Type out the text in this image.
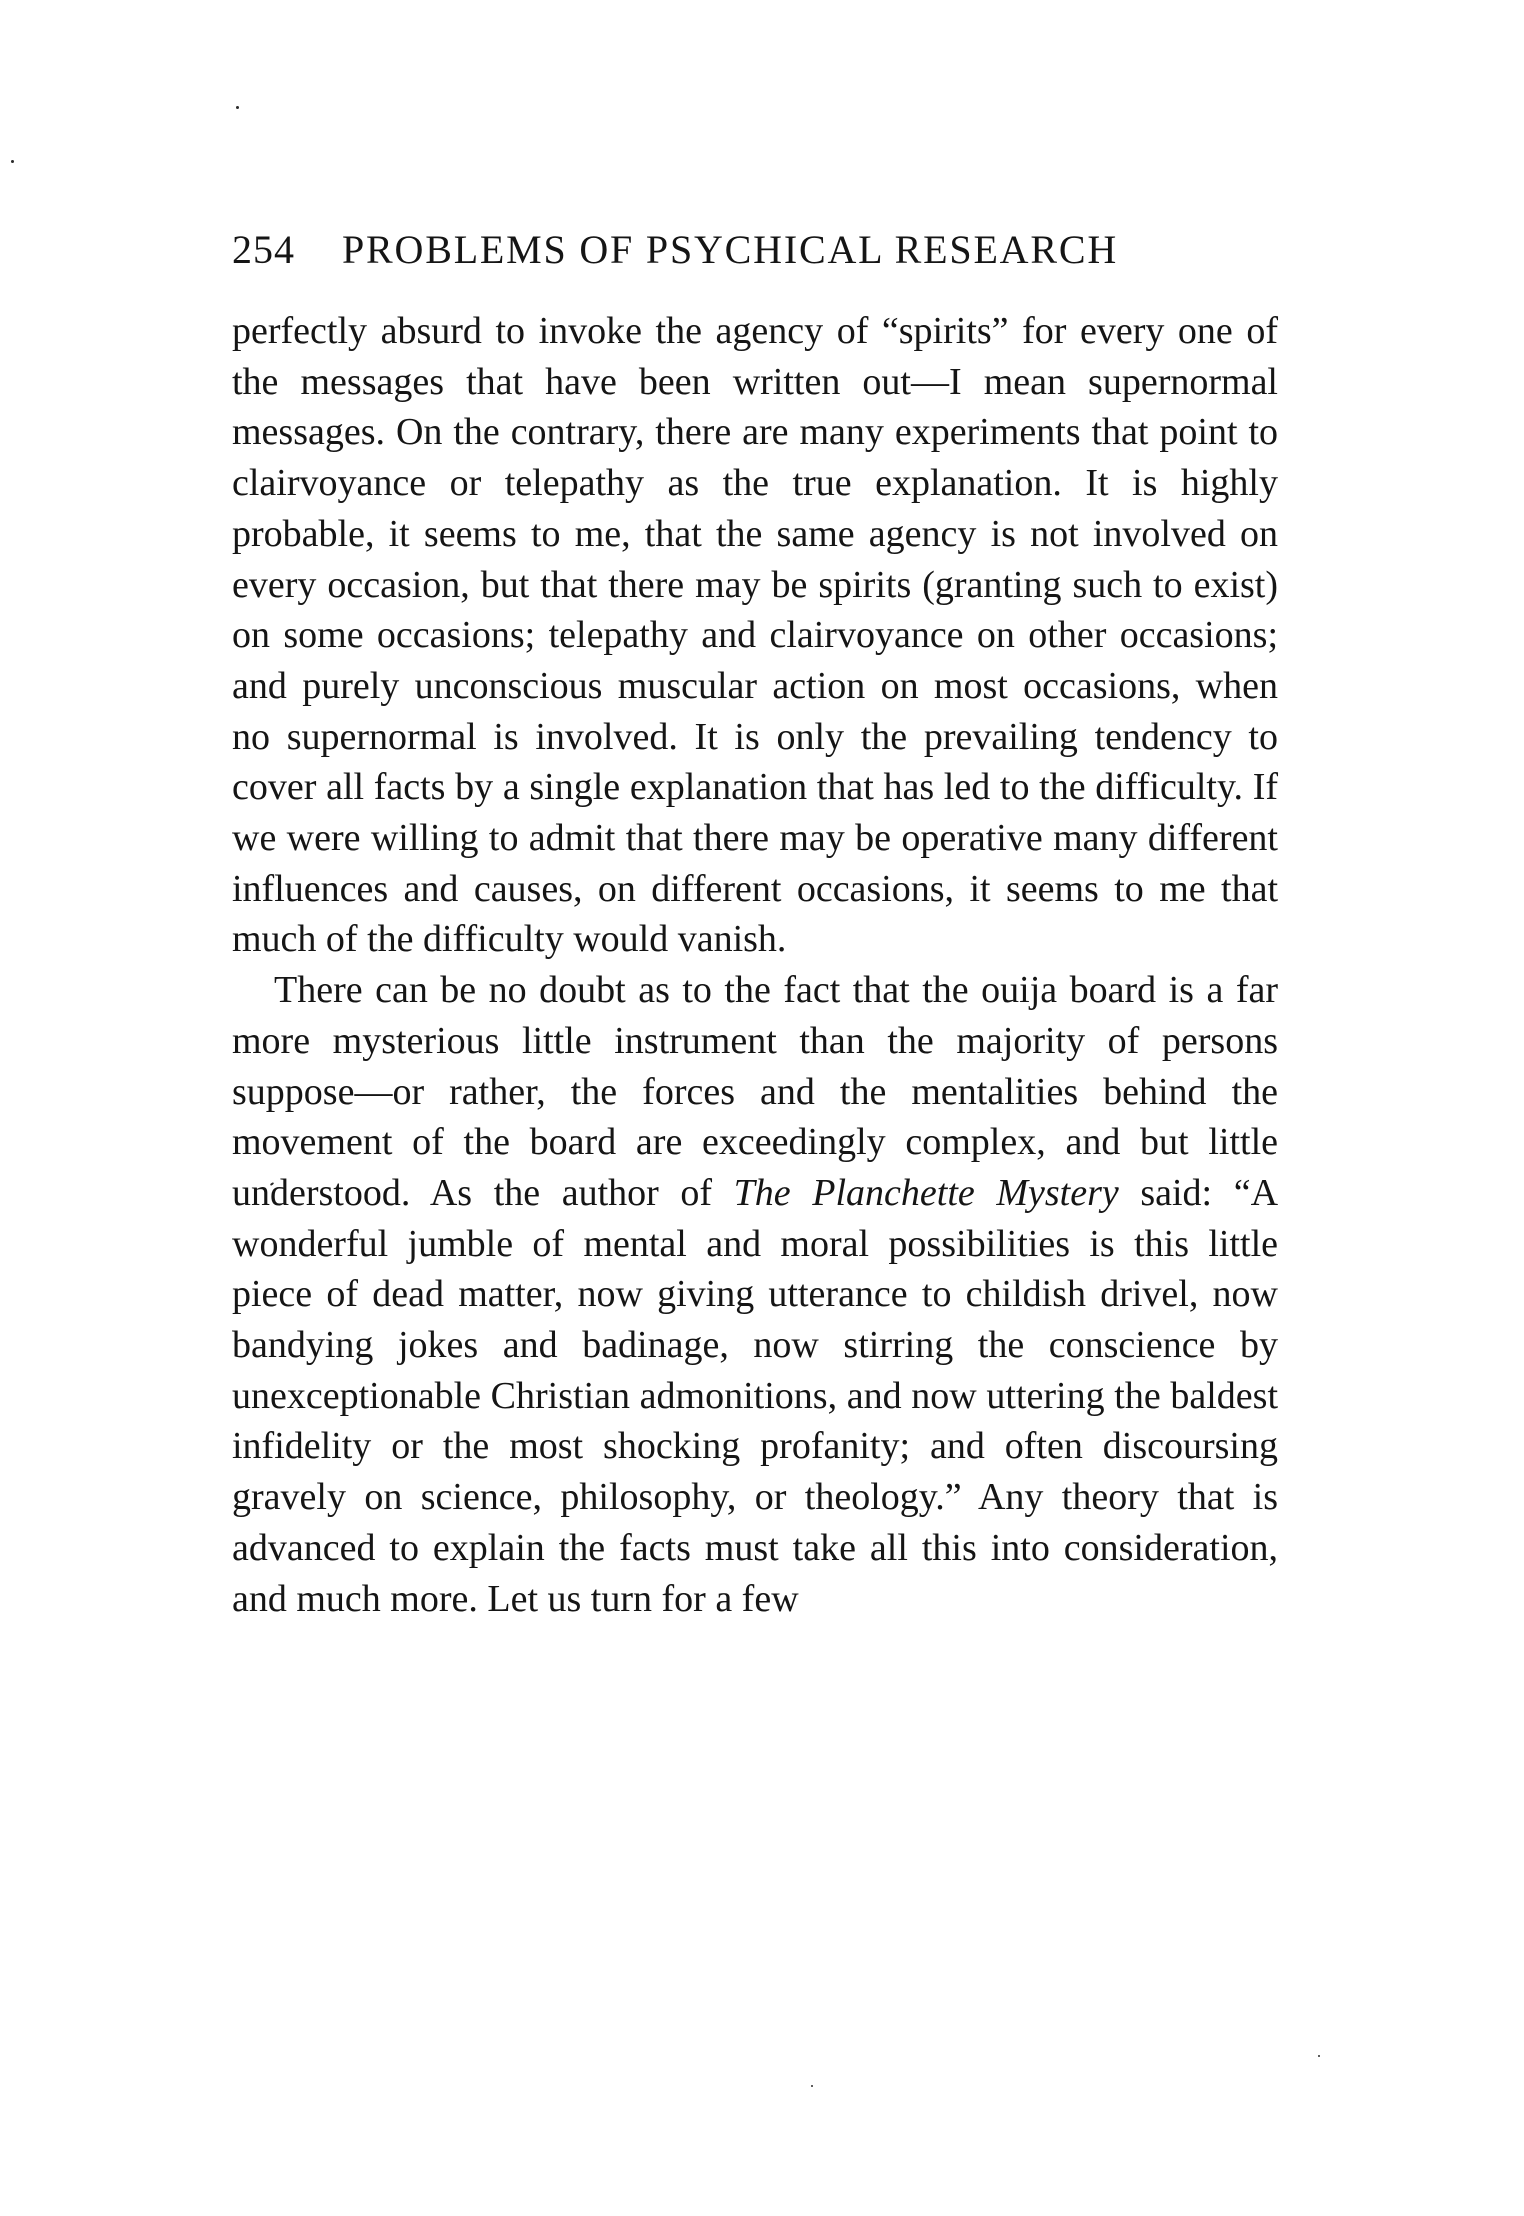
254 PROBLEMS OF PSYCHICAL RESEARCH

perfectly absurd to invoke the agency of “spirits” for every one of the messages that have been written out—I mean supernormal messages. On the contrary, there are many experiments that point to clairvoyance or telepathy as the true explanation. It is highly probable, it seems to me, that the same agency is not involved on every occasion, but that there may be spirits (granting such to exist) on some occasions; telepathy and clairvoyance on other occasions; and purely unconscious muscular action on most occasions, when no supernormal is involved. It is only the prevailing tendency to cover all facts by a single explanation that has led to the difficulty. If we were willing to admit that there may be operative many different influences and causes, on different occasions, it seems to me that much of the difficulty would vanish.

There can be no doubt as to the fact that the ouija board is a far more mysterious little instrument than the majority of persons suppose—or rather, the forces and the mentalities behind the movement of the board are exceedingly complex, and but little understood. As the author of The Planchette Mystery said: “A wonderful jumble of mental and moral possibilities is this little piece of dead matter, now giving utterance to childish drivel, now bandying jokes and badinage, now stirring the conscience by unexceptionable Christian admonitions, and now uttering the baldest infidelity or the most shocking profanity; and often discoursing gravely on science, philosophy, or theology.” Any theory that is advanced to explain the facts must take all this into consideration, and much more. Let us turn for a few
